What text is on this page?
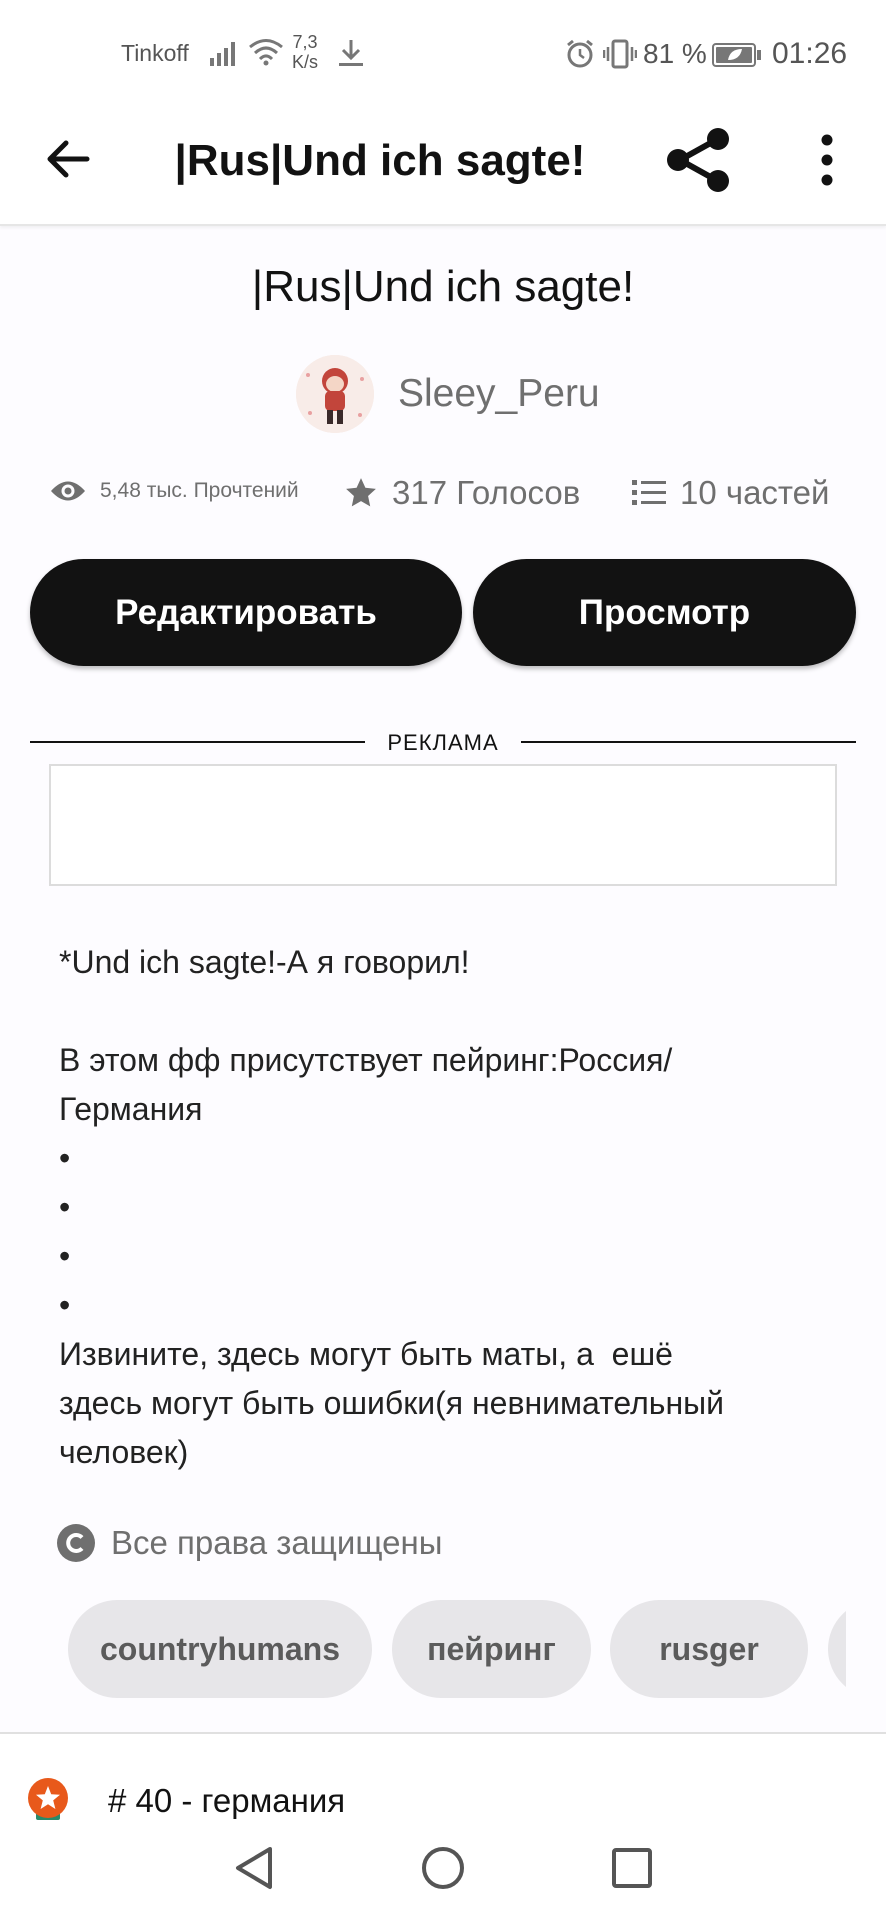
Tinkoff	7,3
K/s	81 % 01:26
|Rus|Und ich sagte!
|Rus|Und ich sagte!
Sleey_Peru
5,48 тыс. Прочтений	317 Голосов	10 частей
Редактировать	Просмотр
РЕКЛАМА
*Und ich sagte!-А я говорил!

В этом фф присутствует пейринг:Россия/
Германия
•
•
•
•
Извините, здесь могут быть маты, а  ешё
здесь могут быть ошибки(я невнимательный
человек)
Все права защищены
countryhumans	пейринг	rusger
# 40 - германия
